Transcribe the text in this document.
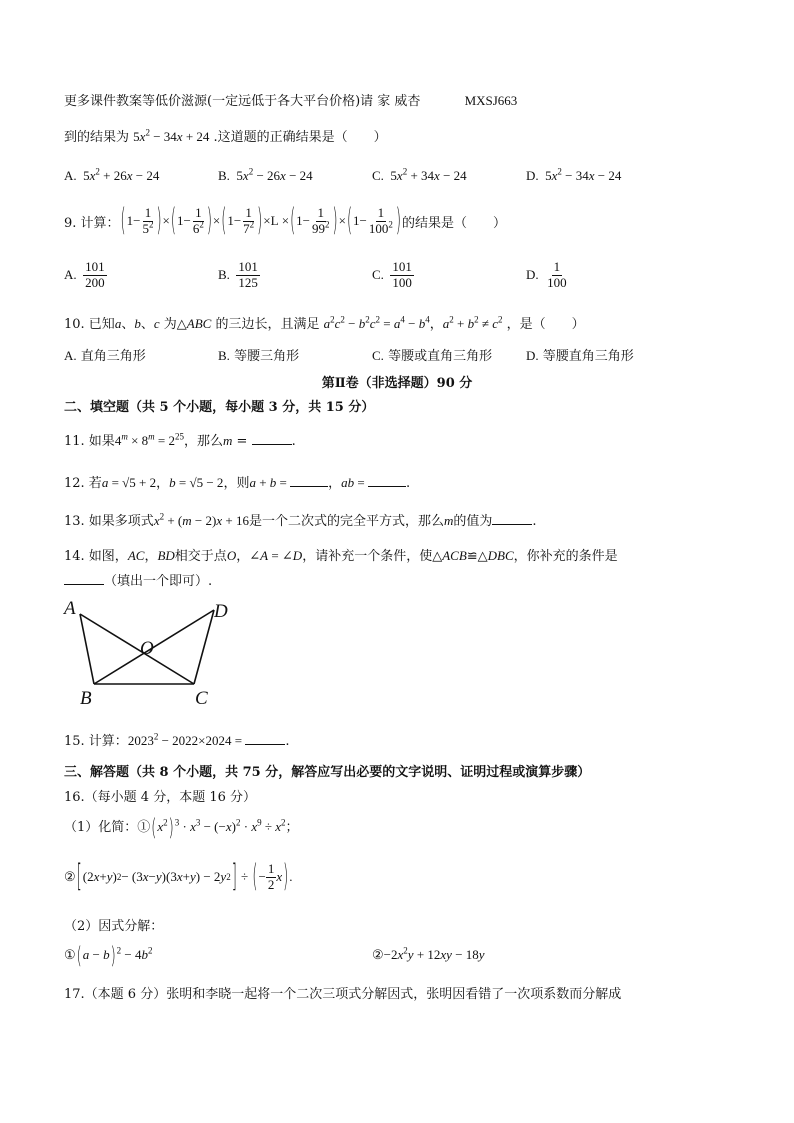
更多课件教案等低价滋源(一定远低于各大平台价格)请 家 威杏	MXSJ663
到的结果为 $5x^2 - 34x + 24$ .这道题的正确结果是（　　）
A.  $5x^2 + 26x - 24$	B.  $5x^2 - 26x - 24$	C.  $5x^2 + 34x - 24$	D.  $5x^2 - 34x - 24$
9. 计算： ( $1- \frac{1}{5^2}$ ) × ( $1- \frac{1}{6^2}$ ) × ( $1- \frac{1}{7^2}$ ) ×L × ( $1- \frac{1}{99^2}$ ) × ( $1- \frac{1}{100^2}$ ) 的结果是（　　）
A.
$\frac{101}{200}$	B.
$\frac{101}{125}$	C.
$\frac{101}{100}$	D.
$\frac{1}{100}$
10. 已知a、b、c 为△ABC 的三边长，且满足 $a^2c^2 - b^2c^2 = a^4 - b^4$，$a^2 + b^2 \ne c^2$ ，是（　　）
A. 直角三角形	B. 等腰三角形	C. 等腰或直角三角形	D. 等腰直角三角形
第Ⅱ卷（非选择题）90 分
二、填空题（共 5 个小题，每小题 3 分，共 15 分）
11. 如果$4^m \times 8^m = 2^{25}$，那么m =	.
12. 若a = √5 + 2，b = √5 − 2，则a + b =	，ab =	.
13. 如果多项式$x^2 + (m - 2)x + 16$是一个二次式的完全平方式，那么m的值为	.
14. 如图，AC，BD相交于点O，∠A = ∠D，请补充一个条件，使△ACB≌△DBC，你补充的条件是
（填出一个即可）.
A	D
O
B	C
15. 计算：$2023^2 - 2022\times 2024$ =	.
三、解答题（共 8 个小题，共 75 分，解答应写出必要的文字说明、证明过程或演算步骤）
16.（每小题 4 分，本题 16 分）
（1）化简：$①(x^2)^3 \cdot x^3 - (-x)^2 \cdot x^9 \div x^2$；
② [ (2 x + y ) 2 − (3 x − y )(3 x + y ) − 2 y 2 ] ÷ ( − $\frac{1}{2}$ x ) .
（2）因式分解：
①(a − $b)^2 - 4b^2$	$②-2x^2y + 12xy - 18y$
17.（本题 6 分）张明和李晓一起将一个二次三项式分解因式，张明因看错了一次项系数而分解成
